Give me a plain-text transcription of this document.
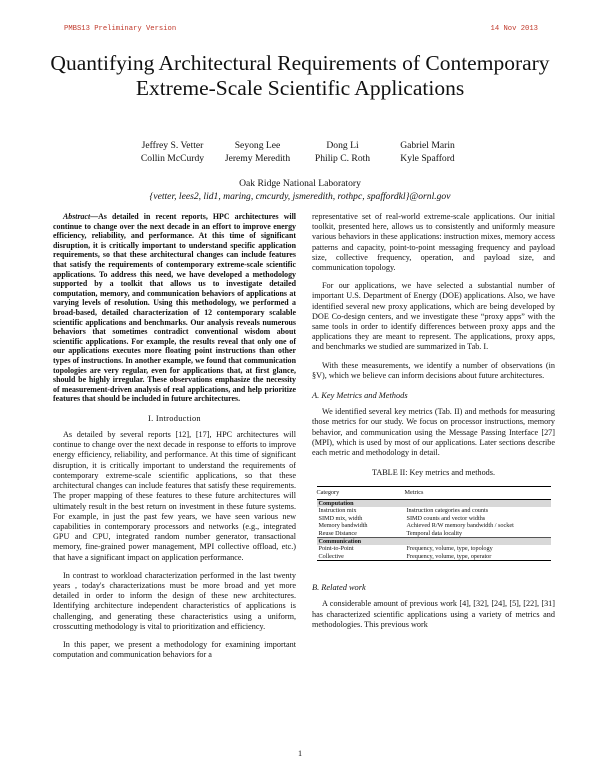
PMBS13 Preliminary Version	14 Nov 2013
Quantifying Architectural Requirements of Contemporary Extreme-Scale Scientific Applications
Jeffrey S. Vetter	Seyong Lee	Dong Li	Gabriel Marin
Collin McCurdy	Jeremy Meredith	Philip C. Roth	Kyle Spafford
Oak Ridge National Laboratory
{vetter, lees2, lid1, maring, cmcurdy, jsmeredith, rothpc, spaffordkl}@ornl.gov

Abstract—As detailed in recent reports, HPC architectures will continue to change over the next decade in an effort to improve energy efficiency, reliability, and performance. At this time of significant disruption, it is critically important to understand specific application requirements, so that these architectural changes can include features that satisfy the requirements of contemporary extreme-scale scientific applications. To address this need, we have developed a methodology supported by a toolkit that allows us to investigate detailed computation, memory, and communication behaviors of applications at varying levels of resolution. Using this methodology, we performed a broad-based, detailed characterization of 12 contemporary scalable scientific applications and benchmarks. Our analysis reveals numerous behaviors that sometimes contradict conventional wisdom about scientific applications. For example, the results reveal that only one of our applications executes more floating point instructions than other types of instructions. In another example, we found that communication topologies are very regular, even for applications that, at first glance, should be highly irregular. These observations emphasize the necessity of measurement-driven analysis of real applications, and help prioritize features that should be included in future architectures.

I. Introduction

As detailed by several reports [12], [17], HPC architectures will continue to change over the next decade in response to efforts to improve energy efficiency, reliability, and performance. At this time of significant disruption, it is critically important to understand the requirements of contemporary extreme-scale scientific applications, so that these architectural changes can include features that satisfy these requirements. The proper mapping of these features to these future architectures will ultimately result in the best return on investment in these future systems. For example, in just the past few years, we have seen various new capabilities in contemporary processors and networks (e.g., integrated GPU and CPU, integrated random number generator, transactional memory, fine-grained power management, MPI collective offload, etc.) that have a significant impact on application performance.

In contrast to workload characterization performed in the last twenty years , today's characterizations must be more broad and yet more detailed in order to inform the design of these new architectures. Identifying architecture independent characteristics of applications is challenging, and generating these characteristics using a uniform, crosscutting methodology is vital to prioritization and efficiency.

In this paper, we present a methodology for examining important computation and communication behaviors for a

representative set of real-world extreme-scale applications. Our initial toolkit, presented here, allows us to consistently and uniformly measure various behaviors in these applications: instruction mixes, memory access patterns and capacity, point-to-point messaging frequency and payload size, collective frequency, operation, and payload size, and communication topology.

For our applications, we have selected a substantial number of important U.S. Department of Energy (DOE) applications. Also, we have identified several new proxy applications, which are being developed by DOE Co-design centers, and we investigate these “proxy apps” with the same tools in order to identify differences between proxy apps and the applications they are meant to represent. The applications, proxy apps, and benchmarks we studied are summarized in Tab. I.

With these measurements, we identify a number of observations (in §V), which we believe can inform decisions about future architectures.

A. Key Metrics and Methods

We identified several key metrics (Tab. II) and methods for measuring those metrics for our study. We focus on processor instructions, memory behavior, and communication using the Message Passing Interface [27] (MPI), which is used by most of our applications. Later sections describe each metric and methodology in detail.

TABLE II: Key metrics and methods.
Category	Metrics
Computation	
Instruction mix	Instruction categories and counts
SIMD mix, width	SIMD counts and vector widths
Memory bandwidth	Achieved R/W memory bandwidth / socket
Reuse Distance	Temporal data locality
Communication	
Point-to-Point	Frequency, volume, type, topology
Collective	Frequency, volume, type, operator
B. Related work

A considerable amount of previous work [4], [32], [24], [5], [22], [31] has characterized scientific applications using a variety of metrics and methodologies. This previous work

1
